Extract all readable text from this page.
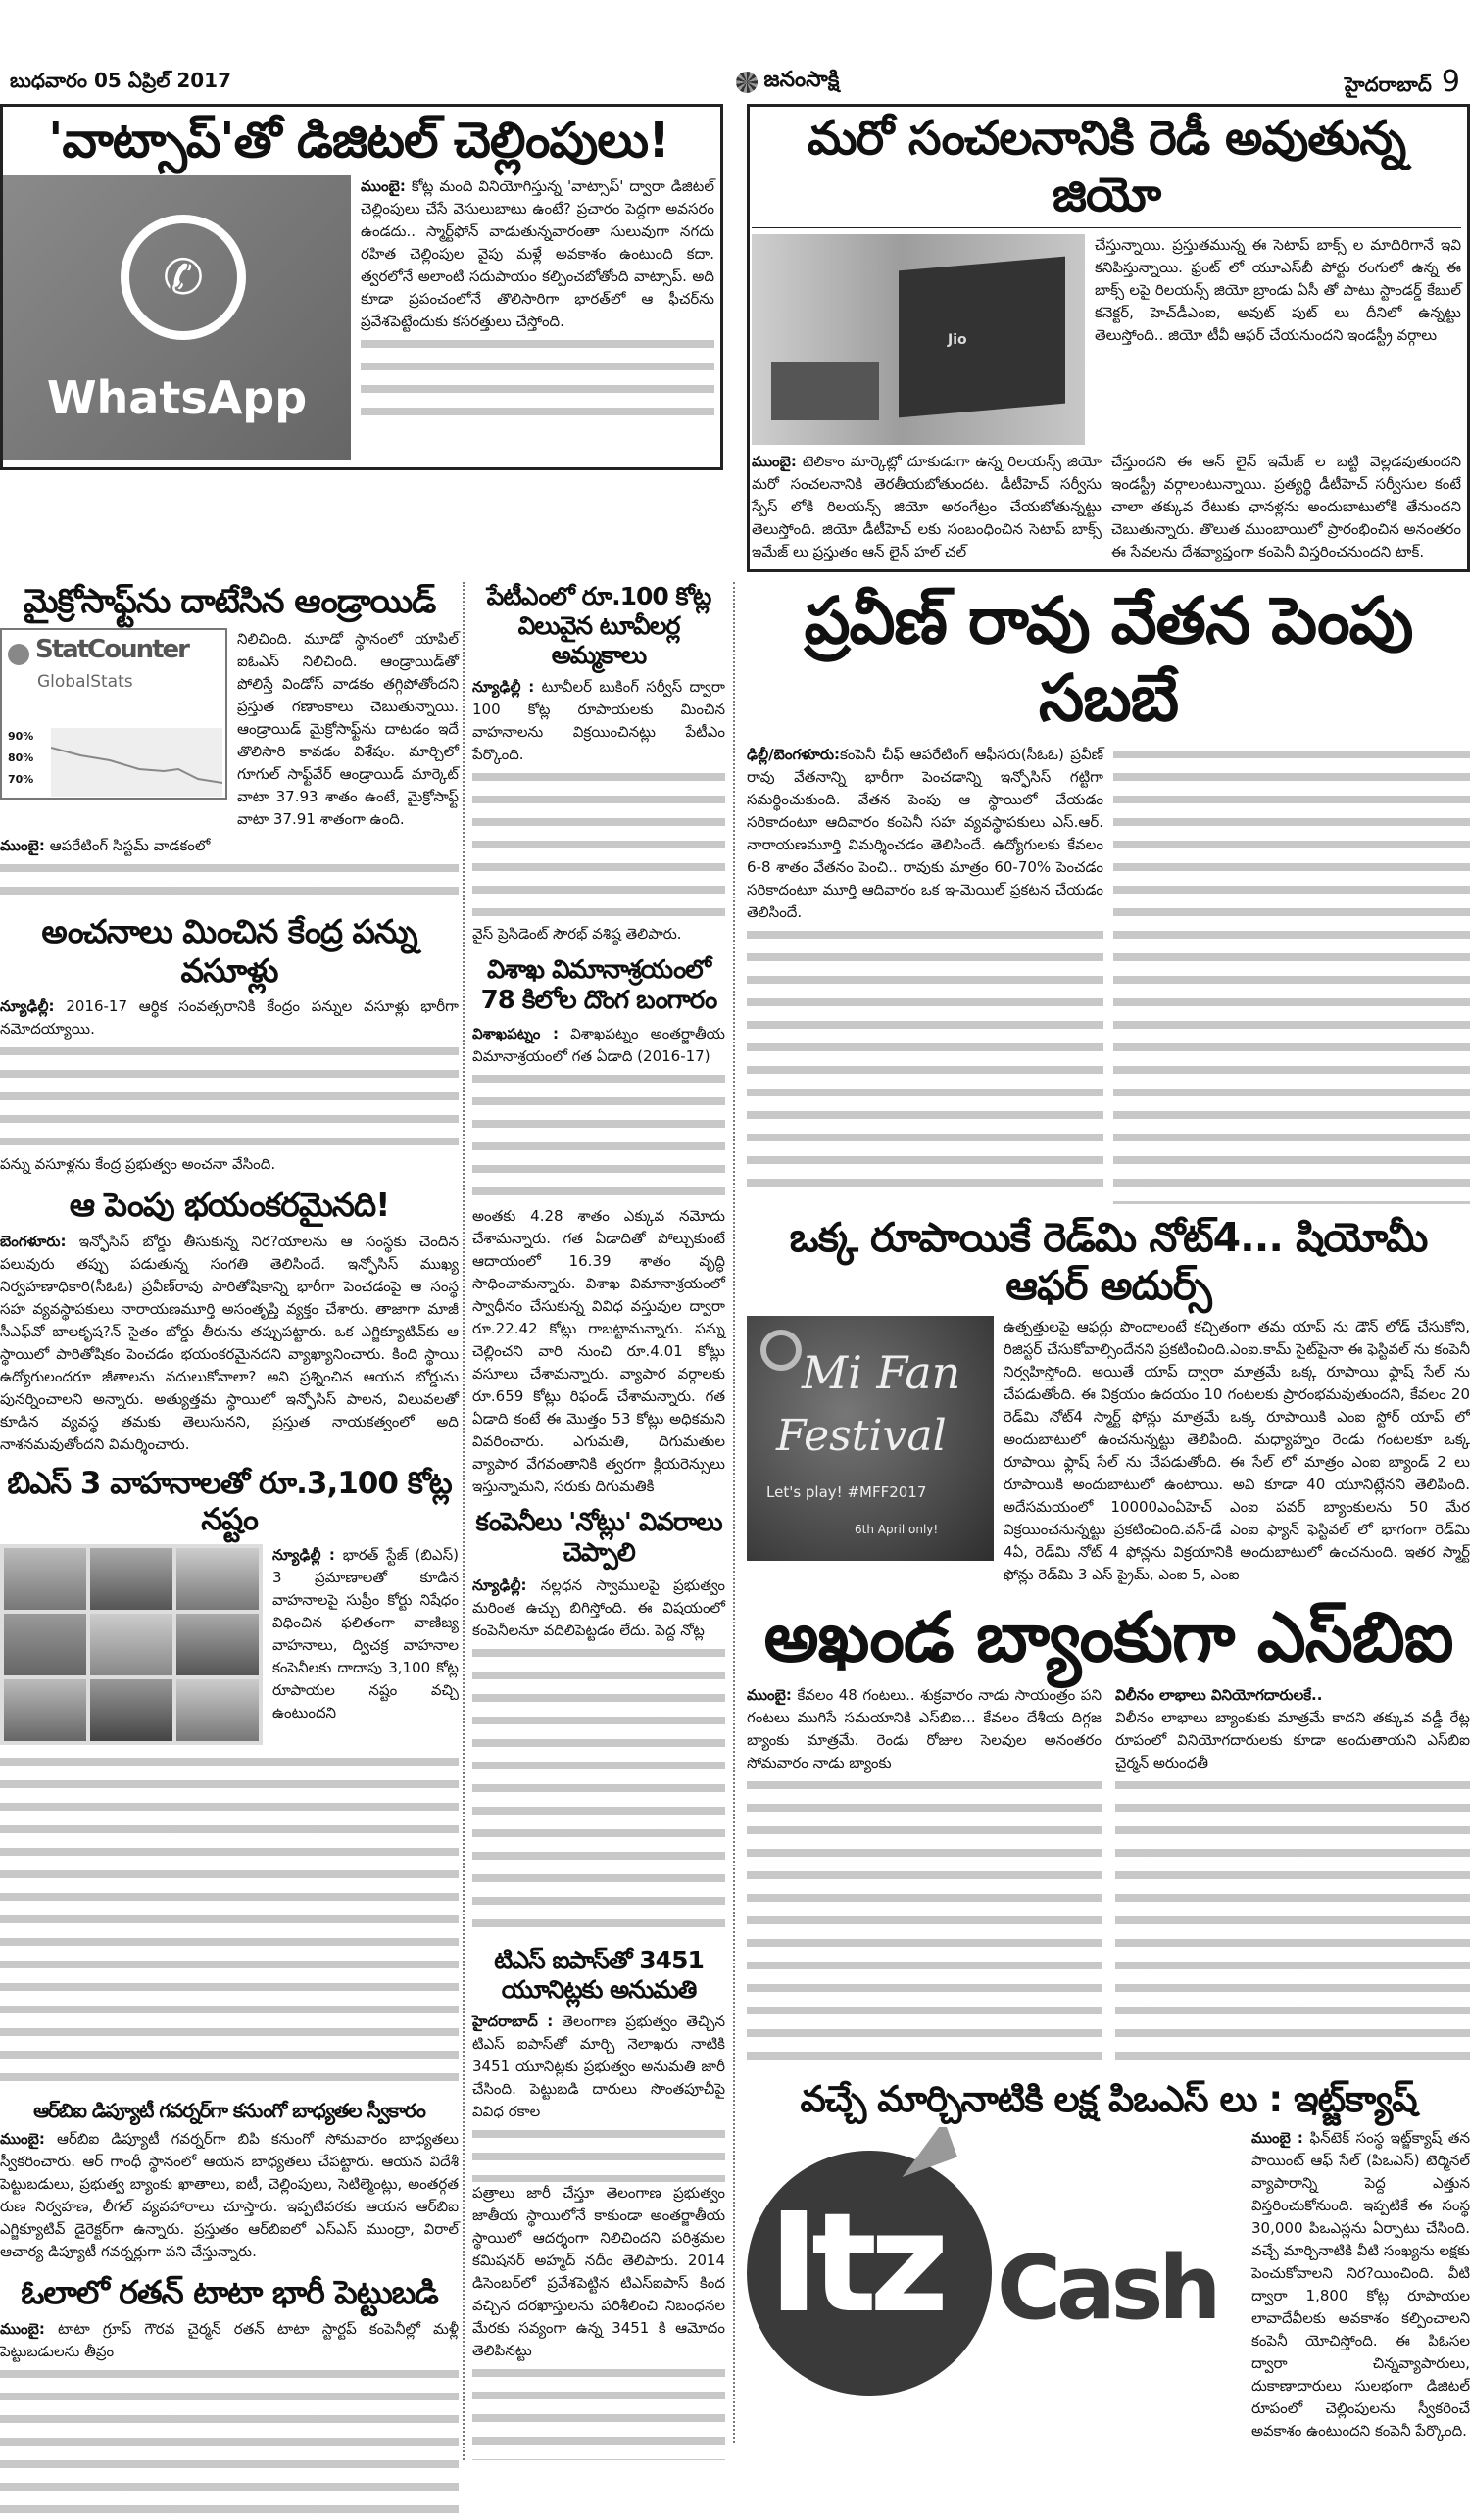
బుధవారం 05 ఏప్రిల్ 2017	జనంసాక్షి	హైదరాబాద్ 9
'వాట్సాప్'తో డిజిటల్ చెల్లింపులు!
✆
WhatsApp
ముంబై: కోట్ల మంది వినియోగిస్తున్న 'వాట్సాప్' ద్వారా డిజిటల్ చెల్లింపులు చేసే వెసులుబాటు ఉంటే? ప్రచారం పెద్దగా అవసరం ఉండదు.. స్మార్ట్‌ఫోన్ వాడుతున్నవారంతా సులువుగా నగదు రహిత చెల్లింపుల వైపు మళ్లే అవకాశం ఉంటుంది కదా. త్వరలోనే అలాంటి సదుపాయం కల్పించబోతోంది వాట్సాప్. అది కూడా ప్రపంచంలోనే తొలిసారిగా భారత్‌లో ఆ ఫీచర్‌ను ప్రవేశపెట్టేందుకు కసరత్తులు చేస్తోంది.
మరో సంచలనానికి రెడీ అవుతున్న జియో
Jio
చేస్తున్నాయి. ప్రస్తుతమున్న ఈ సెటాప్ బాక్స్ ల మాదిరిగానే ఇవి కనిపిస్తున్నాయి. ఫ్రంట్ లో యూఎస్‌బీ పోర్టు రంగులో ఉన్న ఈ బాక్స్ లపై రిలయన్స్ జియో బ్రాండు ఏసీ తో పాటు స్టాండర్డ్ కేబుల్ కనెక్టర్, హెచ్‌డీఎంఐ, అవుట్ పుట్ లు దీనిలో ఉన్నట్టు తెలుస్తోంది.. జియో టీవీ ఆఫర్ చేయనుందని ఇండస్ట్రీ వర్గాలు
ముంబై: టెలికాం మార్కెట్లో దూకుడుగా ఉన్న రిలయన్స్ జియో మరో సంచలనానికి తెరతీయబోతుందట. డీటీహెచ్ సర్వీసు స్పేస్ లోకి రిలయన్స్ జియో అరంగేట్రం చేయబోతున్నట్టు తెలుస్తోంది. జియో డీటీహెచ్ లకు సంబంధించిన సెటాప్ బాక్స్ ఇమేజ్ లు ప్రస్తుతం ఆన్ లైన్ హల్ చల్
చేస్తుందని ఈ ఆన్ లైన్ ఇమేజ్ ల బట్టి వెల్లడవుతుందని ఇండస్ట్రీ వర్గాలంటున్నాయి. ప్రత్యర్థి డీటీహెచ్ సర్వీసుల కంటే చాలా తక్కువ రేటుకు ఛానళ్లను అందుబాటులోకి తేనుందని చెబుతున్నారు. తొలుత ముంబాయిలో ప్రారంభించిన అనంతరం ఈ సేవలను దేశవ్యాప్తంగా కంపెనీ విస్తరించనుందని టాక్.
మైక్రోసాఫ్ట్‌ను దాటేసిన ఆండ్రాయిడ్
StatCounter
GlobalStats
90%
80%
70%
నిలిచింది. మూడో స్థానంలో యాపిల్ ఐఓఎస్ నిలిచింది. ఆండ్రాయిడ్‌తో పోలిస్తే విండోస్ వాడకం తగ్గిపోతోందని ప్రస్తుత గణాంకాలు చెబుతున్నాయి. ఆండ్రాయిడ్ మైక్రోసాఫ్ట్‌ను దాటడం ఇదే తొలిసారి కావడం విశేషం. మార్చిలో గూగుల్ సాఫ్ట్‌వేర్ ఆండ్రాయిడ్ మార్కెట్ వాటా 37.93 శాతం ఉంటే, మైక్రోసాఫ్ట్ వాటా 37.91 శాతంగా ఉంది.
ముంబై: ఆపరేటింగ్ సిస్టమ్ వాడకంలో
అంచనాలు మించిన కేంద్ర పన్ను వసూళ్లు
న్యూఢిల్లీ: 2016-17 ఆర్థిక సంవత్సరానికి కేంద్రం పన్నుల వసూళ్లు భారీగా నమోదయ్యాయి.
పన్ను వసూళ్లను కేంద్ర ప్రభుత్వం అంచనా వేసింది.
ఆ పెంపు భయంకరమైనది!
బెంగళూరు: ఇన్ఫోసిస్ బోర్డు తీసుకున్న నిర?యాలను ఆ సంస్థకు చెందిన పలువురు తప్పు పడుతున్న సంగతి తెలిసిందే. ఇన్ఫోసిస్ ముఖ్య నిర్వహణాధికారి(సీఓఓ) ప్రవీణ్‌రావు పారితోషికాన్ని భారీగా పెంచడంపై ఆ సంస్థ సహ వ్యవస్థాపకులు నారాయణమూర్తి అసంతృప్తి వ్యక్తం చేశారు. తాజాగా మాజీ సీఎఫ్‌వో బాలకృష?న్ సైతం బోర్డు తీరును తప్పుపట్టారు. ఒక ఎగ్జిక్యూటివ్‌కు ఆ స్థాయిలో పారితోషికం పెంచడం భయంకరమైనదని వ్యాఖ్యానించారు. కింది స్థాయి ఉద్యోగులందరూ జీతాలను వదులుకోవాలా? అని ప్రశ్నించిన ఆయన బోర్డును పునర్నించాలని అన్నారు. అత్యుత్తమ స్థాయిలో ఇన్ఫోసిస్ పాలన, విలువలతో కూడిన వ్యవస్థ తమకు తెలుసునని, ప్రస్తుత నాయకత్వంలో అది నాశనమవుతోందని విమర్శించారు.
బిఎస్ 3 వాహనాలతో రూ.3,100 కోట్ల నష్టం
న్యూఢిల్లీ : భారత్ స్టేజ్ (బిఎస్) 3 ప్రమాణాలతో కూడిన వాహనాలపై సుప్రీం కోర్టు నిషేధం విధించిన ఫలితంగా వాణిజ్య వాహనాలు, ద్విచక్ర వాహనాల కంపెనీలకు దాదాపు 3,100 కోట్ల రూపాయల నష్టం వచ్చి ఉంటుందని
ఆర్‌బిఐ డిప్యూటీ గవర్నర్‌గా కనుంగో బాధ్యతల స్వీకారం
ముంబై: ఆర్‌బిఐ డిప్యూటీ గవర్నర్‌గా బిపి కనుంగో సోమవారం బాధ్యతలు స్వీకరించారు. ఆర్ గాంధీ స్థానంలో ఆయన బాధ్యతలు చేపట్టారు. ఆయన విదేశీ పెట్టుబడులు, ప్రభుత్వ బ్యాంకు ఖాతాలు, ఐటీ, చెల్లింపులు, సెటిల్మెంట్లు, అంతర్గత రుణ నిర్వహణ, లీగల్ వ్యవహారాలు చూస్తారు. ఇప్పటివరకు ఆయన ఆర్‌బిఐ ఎగ్జిక్యూటివ్ డైరెక్టర్‌గా ఉన్నారు. ప్రస్తుతం ఆర్‌బిఐలో ఎస్ఎస్ ముంద్రా, విరాల్ ఆచార్య డిప్యూటీ గవర్నర్లుగా పని చేస్తున్నారు.
ఓలాలో రతన్ టాటా భారీ పెట్టుబడి
ముంబై: టాటా గ్రూప్ గౌరవ చైర్మన్ రతన్ టాటా స్టార్టప్ కంపెనీల్లో మళ్లీ పెట్టుబడులను తీవ్రం
పేటీఎంలో రూ.100 కోట్ల విలువైన టూవీలర్ల అమ్మకాలు
న్యూఢిల్లీ : టూవీలర్ బుకింగ్ సర్వీస్ ద్వారా 100 కోట్ల రూపాయలకు మించిన వాహనాలను విక్రయించినట్లు పేటీఎం పేర్కొంది.
వైస్ ప్రెసిడెంట్ సౌరభ్ వశిష్ఠ తెలిపారు.
విశాఖ విమానాశ్రయంలో 78 కిలోల దొంగ బంగారం
విశాఖపట్నం : విశాఖపట్నం అంతర్జాతీయ విమానాశ్రయంలో గత ఏడాది (2016-17)
అంతకు 4.28 శాతం ఎక్కువ నమోదు చేశామన్నారు. గత ఏడాదితో పోల్చుకుంటే ఆదాయంలో 16.39 శాతం వృద్ధి సాధించామన్నారు. విశాఖ విమానాశ్రయంలో స్వాధీనం చేసుకున్న వివిధ వస్తువుల ద్వారా రూ.22.42 కోట్లు రాబట్టామన్నారు. పన్ను చెల్లించని వారి నుంచి రూ.4.01 కోట్లు వసూలు చేశామన్నారు. వ్యాపార వర్గాలకు రూ.659 కోట్లు రిఫండ్ చేశామన్నారు. గత ఏడాది కంటే ఈ మొత్తం 53 కోట్లు అధికమని వివరించారు. ఎగుమతి, దిగుమతుల వ్యాపార వేగవంతానికి త్వరగా క్లియరెన్సులు ఇస్తున్నామని, సరుకు దిగుమతికి
కంపెనీలు 'నోట్లు' వివరాలు చెప్పాలి
న్యూఢిల్లీ: నల్లధన స్వాములపై ప్రభుత్వం మరింత ఉచ్చు బిగిస్తోంది. ఈ విషయంలో కంపెనీలనూ వదిలిపెట్టడం లేదు. పెద్ద నోట్ల
టిఎస్ ఐపాస్‌తో 3451 యూనిట్లకు అనుమతి
హైదరాబాద్ : తెలంగాణ ప్రభుత్వం తెచ్చిన టిఎస్ ఐపాస్‌తో మార్చి నెలాఖరు నాటికి 3451 యూనిట్లకు ప్రభుత్వం అనుమతి జారీ చేసింది. పెట్టుబడి దారులు సొంతపూచీపై వివిధ రకాల
పత్రాలు జారీ చేస్తూ తెలంగాణ ప్రభుత్వం జాతీయ స్థాయిలోనే కాకుండా అంతర్జాతీయ స్థాయిలో ఆదర్శంగా నిలిచిందని పరిశ్రమల కమిషనర్ అహ్మద్ నదీం తెలిపారు. 2014 డిసెంబర్‌లో ప్రవేశపెట్టిన టిఎస్‌ఐపాస్ కింద వచ్చిన దరఖాస్తులను పరిశీలించి నిబంధనల మేరకు సవ్యంగా ఉన్న 3451 కి ఆమోదం తెలిపినట్టు
ప్రవీణ్ రావు వేతన పెంపు సబబే
ఢిల్లీ/బెంగళూరు:కంపెనీ చీఫ్ ఆపరేటింగ్ ఆఫీసరు(సీఓఓ) ప్రవీణ్ రావు వేతనాన్ని భారీగా పెంచడాన్ని ఇన్ఫోసిస్ గట్టిగా సమర్థించుకుంది. వేతన పెంపు ఆ స్థాయిలో చేయడం సరికాదంటూ ఆదివారం కంపెనీ సహ వ్యవస్థాపకులు ఎస్.ఆర్. నారాయణమూర్తి విమర్శించడం తెలిసిందే. ఉద్యోగులకు కేవలం 6-8 శాతం వేతనం పెంచి.. రావుకు మాత్రం 60-70% పెంచడం సరికాదంటూ మూర్తి ఆదివారం ఒక ఇ-మెయిల్ ప్రకటన చేయడం తెలిసిందే.
ఒక్క రూపాయికే రెడ్‌మి నోట్4... షియోమీ ఆఫర్ అదుర్స్
Mi Fan
Festival
Let's play! #MFF2017
6th April only!
ఉత్పత్తులపై ఆఫర్లు పొందాలంటే కచ్చితంగా తమ యాప్ ను డౌన్ లోడ్ చేసుకోని, రిజిస్టర్ చేసుకోవాల్సిందేనని ప్రకటించింది.ఎంఐ.కామ్ సైట్‌పైనా ఈ ఫెస్టివల్ ను కంపెనీ నిర్వహిస్తోంది. అయితే యాప్ ద్వారా మాత్రమే ఒక్క రూపాయి ఫ్లాష్ సేల్ ను చేపడుతోంది. ఈ విక్రయం ఉదయం 10 గంటలకు ప్రారంభమవుతుందని, కేవలం 20 రెడ్‌మి నోట్4 స్మార్ట్ ఫోన్లు మాత్రమే ఒక్క రూపాయికి ఎంఐ స్టోర్ యాప్ లో అందుబాటులో ఉంచనున్నట్టు తెలిపింది. మధ్యాహ్నం రెండు గంటలకూ ఒక్క రూపాయి ఫ్లాష్ సేల్ ను చేపడుతోంది. ఈ సేల్ లో మాత్రం ఎంఐ బ్యాండ్ 2 లు రూపాయికి అందుబాటులో ఉంటాయి. అవి కూడా 40 యూనిట్లేనని తెలిపింది. అదేసమయంలో 10000ఎంఏహెచ్ ఎంఐ పవర్ బ్యాంకులను 50 మేర విక్రయించనున్నట్టు ప్రకటించింది.వన్-డే ఎంఐ ఫ్యాన్ ఫెస్టివల్ లో భాగంగా రెడ్‌మి 4ఏ, రెడ్‌మి నోట్ 4 ఫోన్లను విక్రయానికి అందుబాటులో ఉంచనుంది. ఇతర స్మార్ట్ ఫోన్లు రెడ్‌మి 3 ఎస్ ప్రైమ్, ఎంఐ 5, ఎంఐ
అఖండ బ్యాంకుగా ఎస్‌బిఐ
ముంబై: కేవలం 48 గంటలు.. శుక్రవారం నాడు సాయంత్రం పని గంటలు ముగిసే సమయానికి ఎస్‌బిఐ... కేవలం దేశీయ దిగ్గజ బ్యాంకు మాత్రమే. రెండు రోజుల సెలవుల అనంతరం సోమవారం నాడు బ్యాంకు
విలీనం లాభాలు వినియోగదారులకే..
విలీనం లాభాలు బ్యాంకుకు మాత్రమే కాదని తక్కువ వడ్డీ రేట్ల రూపంలో వినియోగదారులకు కూడా అందుతాయని ఎస్‌బిఐ చైర్మన్ అరుంధతీ
వచ్చే మార్చినాటికి లక్ష పిఒఎస్ లు : ఇట్జ్‌క్యాష్
Itz Cash
ముంబై : ఫిన్‌టెక్ సంస్థ ఇట్జ్‌క్యాష్ తన పాయింట్ ఆఫ్ సేల్ (పిఒఎస్) టెర్మినల్ వ్యాపారాన్ని పెద్ద ఎత్తున విస్తరించుకోనుంది. ఇప్పటికే ఈ సంస్థ 30,000 పిఒఎస్లను ఏర్పాటు చేసింది. వచ్చే మార్చినాటికి వీటి సంఖ్యను లక్షకు పెంచుకోవాలని నిర?యించింది. వీటి ద్వారా 1,800 కోట్ల రూపాయల లావాదేవీలకు అవకాశం కల్పించాలని కంపెనీ యోచిస్తోంది. ఈ పిఓసల ద్వారా చిన్నవ్యాపారులు, దుకాణాదారులు సులభంగా డిజిటల్ రూపంలో చెల్లింపులను స్వీకరించే అవకాశం ఉంటుందని కంపెనీ పేర్కొంది.
